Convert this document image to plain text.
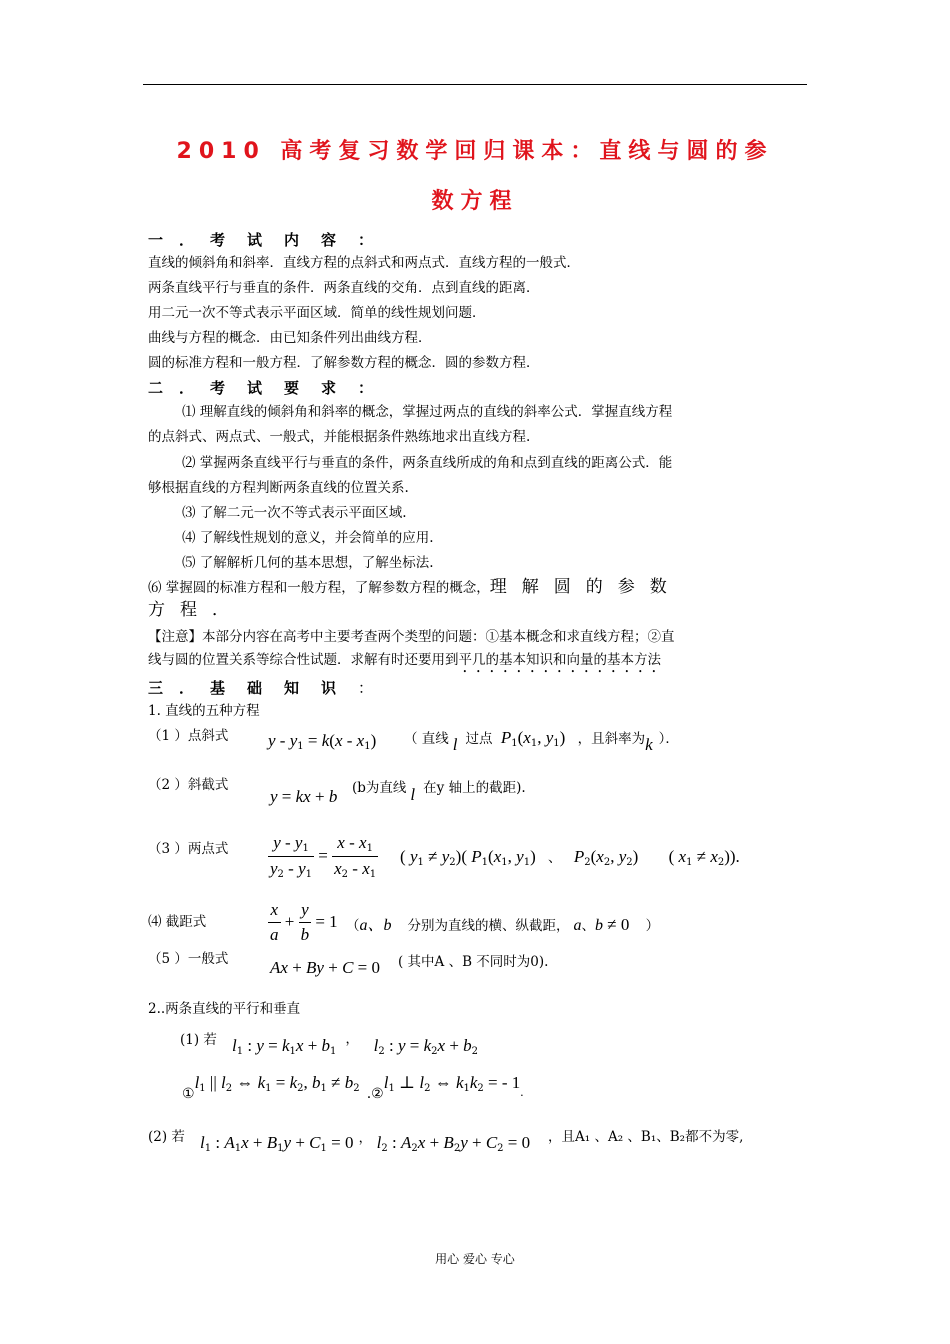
2010 高考复习数学回归课本：直线与圆的参
数方程
一．考试内容：
直线的倾斜角和斜率．直线方程的点斜式和两点式．直线方程的一般式．
两条直线平行与垂直的条件．两条直线的交角．点到直线的距离．
用二元一次不等式表示平面区域．简单的线性规划问题．
曲线与方程的概念．由已知条件列出曲线方程．
圆的标准方程和一般方程．了解参数方程的概念．圆的参数方程．
二．考试要求：
⑴ 理解直线的倾斜角和斜率的概念，掌握过两点的直线的斜率公式．掌握直线方程
的点斜式、两点式、一般式，并能根据条件熟练地求出直线方程.
⑵ 掌握两条直线平行与垂直的条件，两条直线所成的角和点到直线的距离公式．能
够根据直线的方程判断两条直线的位置关系.
⑶ 了解二元一次不等式表示平面区域.
⑷ 了解线性规划的意义，并会简单的应用.
⑸ 了解解析几何的基本思想，了解坐标法.
⑹ 掌握圆的标准方程和一般方程，了解参数方程的概念，理解圆的参数
方程．
【注意】本部分内容在高考中主要考查两个类型的问题：①基本概念和求直线方程；②直
线与圆的位置关系等综合性试题．求解有时还要用到平几的基本知识和向量的基本方法
三．基础知识：
1. 直线的五种方程
（1 ）点斜式 $y - y_1 = k(x - x_1)$ （ 直线 l 过点 $P_1(x_1$, $y_1$) ，且斜率为k ）．
（2 ）斜截式
y = kx + b (b为直线 l 在y 轴上的截距).
（3 ）两点式 $\frac{y - y_1}{y_2 - y_1} = \frac{x - x_1}{x_2 - x_1}$ ( $y_1 \ne y_2$)( $P_1(x_1$, $y_1$) 、 $P_2(x_2$, $y_2$) ( $x_1 \ne x_2$)).
⑷ 截距式	$\frac{x}{a} + \frac{y}{b} = 1$ （a、b 分别为直线的横、纵截距， a、b ≠ 0 ）
（5 ）一般式 Ax + By + C = 0 ( 其中A 、B 不同时为0).
2..两条直线的平行和垂直
(1) 若 $l_1$ : $y = k_1x + b_1$ ， $l_2$ : $y = k_2x + b_2$
$①l_1$ || $l_2$ ⇔ $k_1 = k_2$, $b_1 \ne b_2$ $.②l_1$ ⊥ $l_2$ ⇔ $k_1k_2$ = - $1_.$
(2) 若 $l_1$ : $A_1x + B_1y + C_1 = 0$ ， $l_2$ : $A_2x + B_2y + C_2 = 0$ ，且A₁ 、A₂ 、B₁、B₂都不为零,
用心 爱心 专心
